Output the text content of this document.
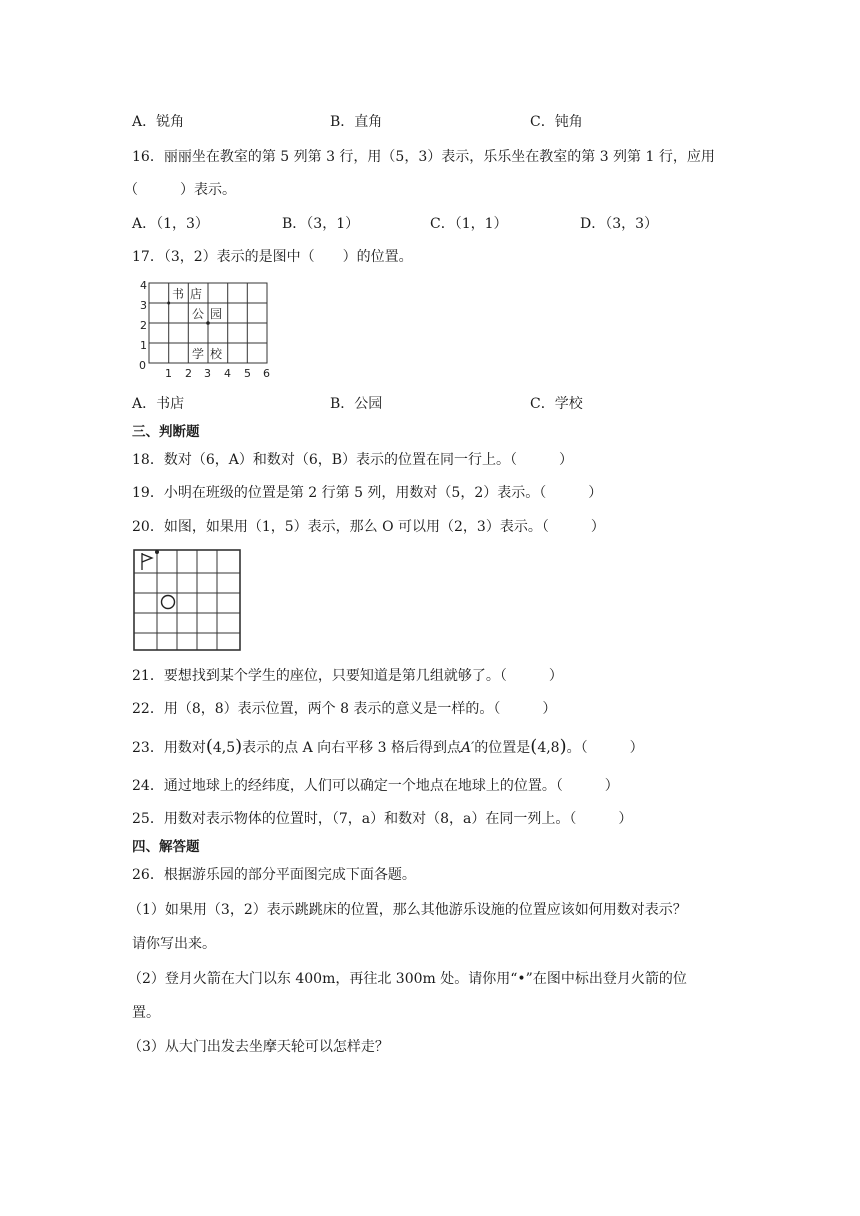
A．锐角	B．直角	C．钝角
16．丽丽坐在教室的第 5 列第 3 行，用（5，3）表示，乐乐坐在教室的第 3 列第 1 行，应用
（　　　）表示。
A．（1，3）	B．（3，1）	C．（1，1）	D．（3，3）
17．（3，2）表示的是图中（　　）的位置。
书 店
公 园
学 校
4
3
2
1
0
1 2 3 4 5 6
A．书店	B．公园	C．学校
三、判断题
18．数对（6，A）和数对（6，B）表示的位置在同一行上。（　　　）
19．小明在班级的位置是第 2 行第 5 列，用数对（5，2）表示。（　　　）
20．如图，如果用（1，5）表示，那么 O 可以用（2，3）表示。（　　　）
21．要想找到某个学生的座位，只要知道是第几组就够了。（　　　）
22．用（8，8）表示位置，两个 8 表示的意义是一样的。（　　　）
23．用数对(4,5)表示的点 A 向右平移 3 格后得到点A′的位置是(4,8)。（　　　）
24．通过地球上的经纬度，人们可以确定一个地点在地球上的位置。（　　　）
25．用数对表示物体的位置时，（7，a）和数对（8，a）在同一列上。（　　　）
四、解答题
26．根据游乐园的部分平面图完成下面各题。
（1）如果用（3，2）表示跳跳床的位置，那么其他游乐设施的位置应该如何用数对表示？
请你写出来。
（2）登月火箭在大门以东 400m，再往北 300m 处。请你用“•”在图中标出登月火箭的位
置。
（3）从大门出发去坐摩天轮可以怎样走？
